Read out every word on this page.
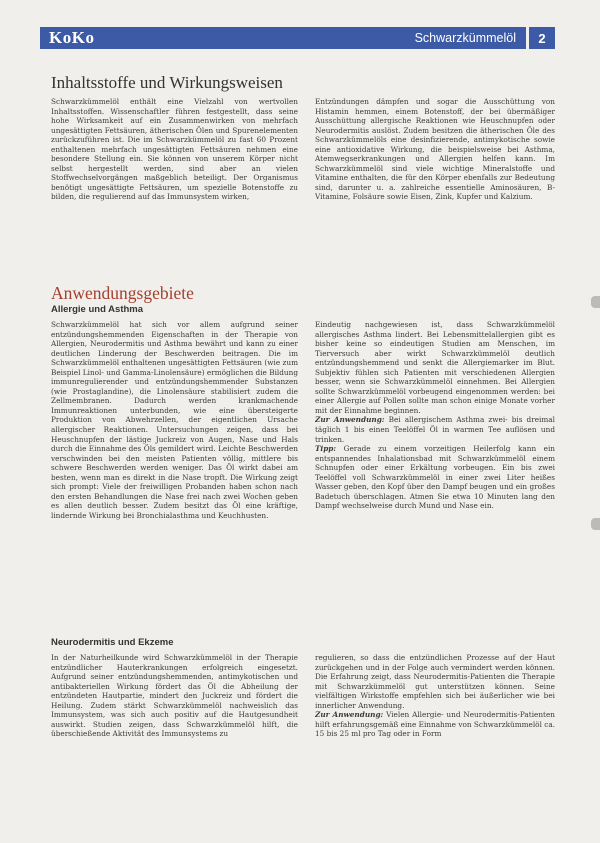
KoKo	Schwarzkümmelöl	2
Inhaltsstoffe und Wirkungsweisen

Schwarzkümmelöl enthält eine Vielzahl von wertvollen Inhaltsstoffen. Wissenschaftler führen festgestellt, dass seine hohe Wirksamkeit auf ein Zusammenwirken von mehrfach ungesättigten Fettsäuren, ätherischen Ölen und Spurenelementen zurückzuführen ist. Die im Schwarzkümmelöl zu fast 60 Prozent enthaltenen mehrfach ungesättigten Fettsäuren nehmen eine besondere Stellung ein. Sie können von unserem Körper nicht selbst hergestellt werden, sind aber an vielen Stoffwechselvorgängen maßgeblich beteiligt. Der Organismus benötigt ungesättigte Fettsäuren, um spezielle Botenstoffe zu bilden, die regulierend auf das Immunsystem wirken,

Entzündungen dämpfen und sogar die Ausschüttung von Histamin hemmen, einem Botenstoff, der bei übermäßiger Ausschüttung allergische Reaktionen wie Heuschnupfen oder Neurodermitis auslöst. Zudem besitzen die ätherischen Öle des Schwarzkümmelöls eine desinfizierende, antimykotische sowie eine antioxidative Wirkung, die beispielsweise bei Asthma, Atemwegserkrankungen und Allergien helfen kann. Im Schwarzkümmelöl sind viele wichtige Mineralstoffe und Vitamine enthalten, die für den Körper ebenfalls zur Bedeutung sind, darunter u. a. zahlreiche essentielle Aminosäuren, B-Vitamine, Folsäure sowie Eisen, Zink, Kupfer und Kalzium.

Anwendungsgebiete
Allergie und Asthma

Schwarzkümmelöl hat sich vor allem aufgrund seiner entzündungshemmenden Eigenschaften in der Therapie von Allergien, Neurodermitis und Asthma bewährt und kann zu einer deutlichen Linderung der Beschwerden beitragen. Die im Schwarzkümmelöl enthaltenen ungesättigten Fettsäuren (wie zum Beispiel Linol- und Gamma-Linolensäure) ermöglichen die Bildung immunregulierender und entzündungshemmender Substanzen (wie Prostaglandine), die Linolensäure stabilisiert zudem die Zellmembranen. Dadurch werden krankmachende Immunreaktionen unterbunden, wie eine übersteigerte Produktion von Abwehrzellen, der eigentlichen Ursache allergischer Reaktionen. Untersuchungen zeigen, dass bei Heuschnupfen der lästige Juckreiz von Augen, Nase und Hals durch die Einnahme des Öls gemildert wird. Leichte Beschwerden verschwinden bei den meisten Patienten völlig, mittlere bis schwere Beschwerden werden weniger. Das Öl wirkt dabei am besten, wenn man es direkt in die Nase tropft. Die Wirkung zeigt sich prompt: Viele der freiwilligen Probanden haben schon nach den ersten Behandlungen die Nase frei nach zwei Wochen geben es allen deutlich besser. Zudem besitzt das Öl eine kräftige, lindernde Wirkung bei Bronchialasthma und Keuchhusten.

Eindeutig nachgewiesen ist, dass Schwarzkümmelöl allergisches Asthma lindert. Bei Lebensmittelallergien gibt es bisher keine so eindeutigen Studien am Menschen, im Tierversuch aber wirkt Schwarzkümmelöl deutlich entzündungshemmend und senkt die Allergiemarker im Blut. Subjektiv fühlen sich Patienten mit verschiedenen Allergien besser, wenn sie Schwarzkümmelöl einnehmen. Bei Allergien sollte Schwarzkümmelöl vorbeugend eingenommen werden: bei einer Allergie auf Pollen sollte man schon einige Monate vorher mit der Einnahme beginnen.

Zur Anwendung: Bei allergischem Asthma zwei- bis dreimal täglich 1 bis einen Teelöffel Öl in warmen Tee auflösen und trinken.

Tipp: Gerade zu einem vorzeitigen Heilerfolg kann ein entspannendes Inhalationsbad mit Schwarzkümmelöl einem Schnupfen oder einer Erkältung vorbeugen. Ein bis zwei Teelöffel voll Schwarzkümmelöl in einer zwei Liter heißes Wasser geben, den Kopf über den Dampf beugen und ein großes Badetuch überschlagen. Atmen Sie etwa 10 Minuten lang den Dampf wechselweise durch Mund und Nase ein.

Neurodermitis und Ekzeme

In der Naturheilkunde wird Schwarzkümmelöl in der Therapie entzündlicher Hauterkrankungen erfolgreich eingesetzt. Aufgrund seiner entzündungshemmenden, antimykotischen und antibakteriellen Wirkung fördert das Öl die Abheilung der entzündeten Hautpartie, mindert den Juckreiz und fördert die Heilung. Zudem stärkt Schwarzkümmelöl nachweislich das Immunsystem, was sich auch positiv auf die Hautgesundheit auswirkt. Studien zeigen, dass Schwarzkümmelöl hilft, die überschießende Aktivität des Immunsystems zu

regulieren, so dass die entzündlichen Prozesse auf der Haut zurückgehen und in der Folge auch vermindert werden können. Die Erfahrung zeigt, dass Neurodermitis-Patienten die Therapie mit Schwarzkümmelöl gut unterstützen können. Seine vielfältigen Wirkstoffe empfehlen sich bei äußerlicher wie bei innerlicher Anwendung.

Zur Anwendung: Vielen Allergie- und Neurodermitis-Patienten hilft erfahrungsgemäß eine Einnahme von Schwarzkümmelöl ca. 15 bis 25 ml pro Tag oder in Form
